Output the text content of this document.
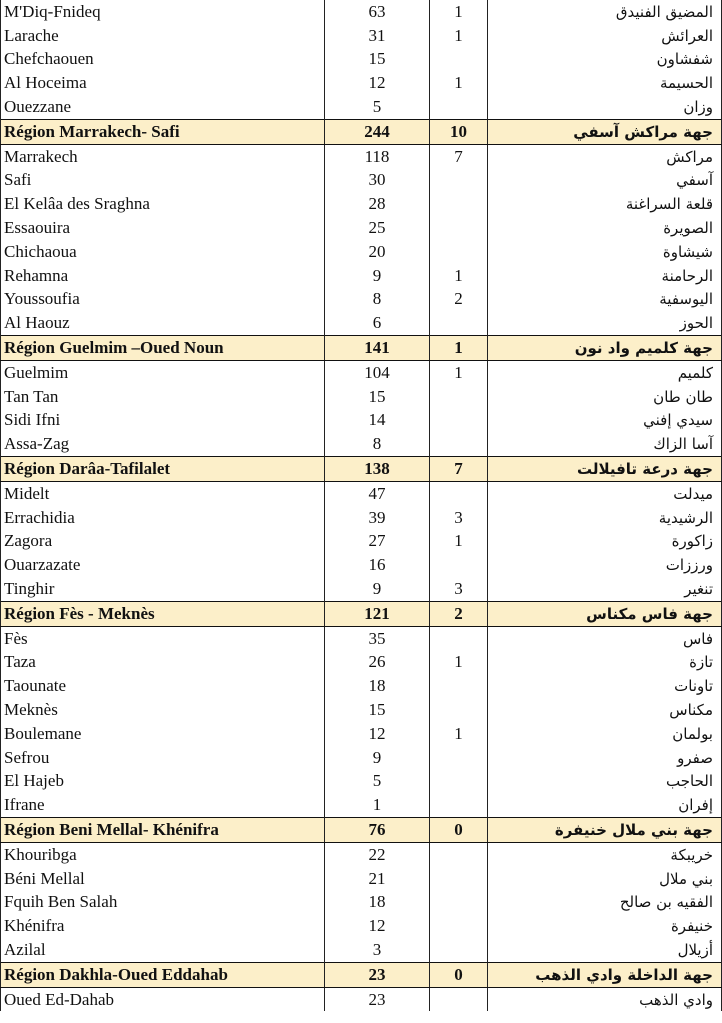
M'Diq-Fnideq	63	1	المضيق الفنيدق
Larache	31	1	العرائش
Chefchaouen	15		شفشاون
Al Hoceima	12	1	الحسيمة
Ouezzane	5		وزان
Région Marrakech- Safi	244	10	جهة مراكش آسفي
Marrakech	118	7	مراكش
Safi	30		آسفي
El Kelâa des Sraghna	28		قلعة السراغنة
Essaouira	25		الصويرة
Chichaoua	20		شيشاوة
Rehamna	9	1	الرحامنة
Youssoufia	8	2	اليوسفية
Al Haouz	6		الحوز
Région Guelmim –Oued Noun	141	1	جهة كلميم واد نون
Guelmim	104	1	كلميم
Tan Tan	15		طان طان
Sidi Ifni	14		سيدي إفني
Assa-Zag	8		آسا الزاك
Région Darâa-Tafilalet	138	7	جهة درعة تافيلالت
Midelt	47		ميدلت
Errachidia	39	3	الرشيدية
Zagora	27	1	زاكورة
Ouarzazate	16		ورززات
Tinghir	9	3	تنغير
Région Fès - Meknès	121	2	جهة فاس مكناس
Fès	35		فاس
Taza	26	1	تازة
Taounate	18		تاونات
Meknès	15		مكناس
Boulemane	12	1	بولمان
Sefrou	9		صفرو
El Hajeb	5		الحاجب
Ifrane	1		إفران
Région Beni Mellal- Khénifra	76	0	جهة بني ملال خنيفرة
Khouribga	22		خريبكة
Béni Mellal	21		بني ملال
Fquih Ben Salah	18		الفقيه بن صالح
Khénifra	12		خنيفرة
Azilal	3		أزيلال
Région Dakhla-Oued Eddahab	23	0	جهة الداخلة وادي الذهب
Oued Ed-Dahab	23		وادي الذهب
